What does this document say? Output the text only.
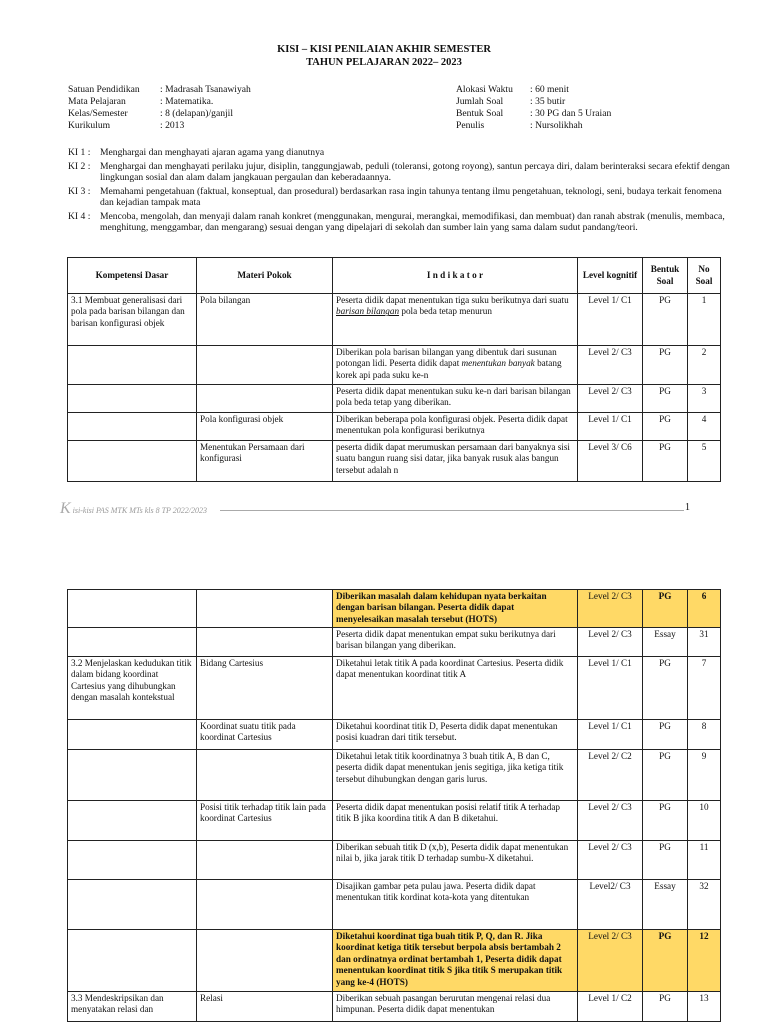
KISI – KISI PENILAIAN AKHIR SEMESTER
TAHUN PELAJARAN 2022– 2023
Satuan Pendidikan	: Madrasah Tsanawiyah
Mata Pelajaran	: Matematika.
Kelas/Semester	: 8 (delapan)/ganjil
Kurikulum	: 2013
Alokasi Waktu	: 60 menit
Jumlah Soal	: 35 butir
Bentuk Soal	: 30 PG dan 5 Uraian
Penulis	: Nursolikhah
KI 1 :	Menghargai dan menghayati ajaran agama yang dianutnya
KI 2 :	Menghargai dan menghayati perilaku jujur, disiplin, tanggungjawab, peduli (toleransi, gotong royong), santun percaya diri, dalam berinteraksi secara efektif dengan lingkungan sosial dan alam dalam jangkauan pergaulan dan keberadaannya.
KI 3 :	Memahami pengetahuan (faktual, konseptual, dan prosedural) berdasarkan rasa ingin tahunya tentang ilmu pengetahuan, teknologi, seni, budaya terkait fenomena dan kejadian tampak mata
KI 4 :	Mencoba, mengolah, dan menyaji dalam ranah konkret (menggunakan, mengurai, merangkai, memodifikasi, dan membuat) dan ranah abstrak (menulis, membaca, menghitung, menggambar, dan mengarang) sesuai dengan yang dipelajari di sekolah dan sumber lain yang sama dalam sudut pandang/teori.
Kompetensi Dasar	Materi Pokok	I n d i k a t o r	Level kognitif	Bentuk Soal	No Soal
3.1 Membuat generalisasi dari pola pada barisan bilangan dan barisan konfigurasi objek	Pola bilangan	Peserta didik dapat menentukan tiga suku berikutnya dari suatu barisan bilangan pola beda tetap menurun	Level 1/ C1	PG	1
		Diberikan pola barisan bilangan yang dibentuk dari susunan potongan lidi. Peserta didik dapat menentukan banyak batang korek api pada suku ke-n	Level 2/ C3	PG	2
		Peserta didik dapat menentukan suku ke-n dari barisan bilangan pola beda tetap yang diberikan.	Level 2/ C3	PG	3
	Pola konfigurasi objek	Diberikan beberapa pola konfigurasi objek. Peserta didik dapat menentukan pola konfigurasi berikutnya	Level 1/ C1	PG	4
	Menentukan Persamaan dari konfigurasi	peserta didik dapat merumuskan persamaan dari banyaknya sisi suatu bangun ruang sisi datar, jika banyak rusuk alas bangun tersebut adalah n	Level 3/ C6	PG	5
K isi-kisi PAS MTK MTs kls 8 TP 2022/2023	1
		Diberikan masalah dalam kehidupan nyata berkaitan dengan barisan bilangan. Peserta didik dapat menyelesaikan masalah tersebut (HOTS)	Level 2/ C3	PG	6
		Peserta didik dapat menentukan empat suku berikutnya dari barisan bilangan yang diberikan.	Level 2/ C3	Essay	31
3.2 Menjelaskan kedudukan titik dalam bidang koordinat Cartesius yang dihubungkan dengan masalah kontekstual	Bidang Cartesius	Diketahui letak titik A pada koordinat Cartesius. Peserta didik dapat menentukan koordinat titik A	Level 1/ C1	PG	7
	Koordinat suatu titik pada koordinat Cartesius	Diketahui koordinat titik D, Peserta didik dapat menentukan posisi kuadran dari titik tersebut.	Level 1/ C1	PG	8
		Diketahui letak titik koordinatnya 3 buah titik A, B dan C, peserta didik dapat menentukan jenis segitiga, jika ketiga titik tersebut dihubungkan dengan garis lurus.	Level 2/ C2	PG	9
	Posisi titik terhadap titik lain pada koordinat Cartesius	Peserta didik dapat menentukan posisi relatif titik A terhadap titik B jika koordina titik A dan B diketahui.	Level 2/ C3	PG	10
		Diberikan sebuah titik D (x,b), Peserta didik dapat menentukan nilai b, jika jarak titik D terhadap sumbu-X diketahui.	Level 2/ C3	PG	11
		Disajikan gambar peta pulau jawa. Peserta didik dapat menentukan titik kordinat kota-kota yang ditentukan	Level2/ C3	Essay	32
		Diketahui koordinat tiga buah titik P, Q, dan R. Jika koordinat ketiga titik tersebut berpola absis bertambah 2 dan ordinatnya ordinat bertambah 1, Peserta didik dapat menentukan koordinat titik S jika titik S merupakan titik yang ke-4 (HOTS)	Level 2/ C3	PG	12
3.3 Mendeskripsikan dan menyatakan relasi dan	Relasi	Diberikan sebuah pasangan berurutan mengenai relasi dua himpunan. Peserta didik dapat menentukan	Level 1/ C2	PG	13
